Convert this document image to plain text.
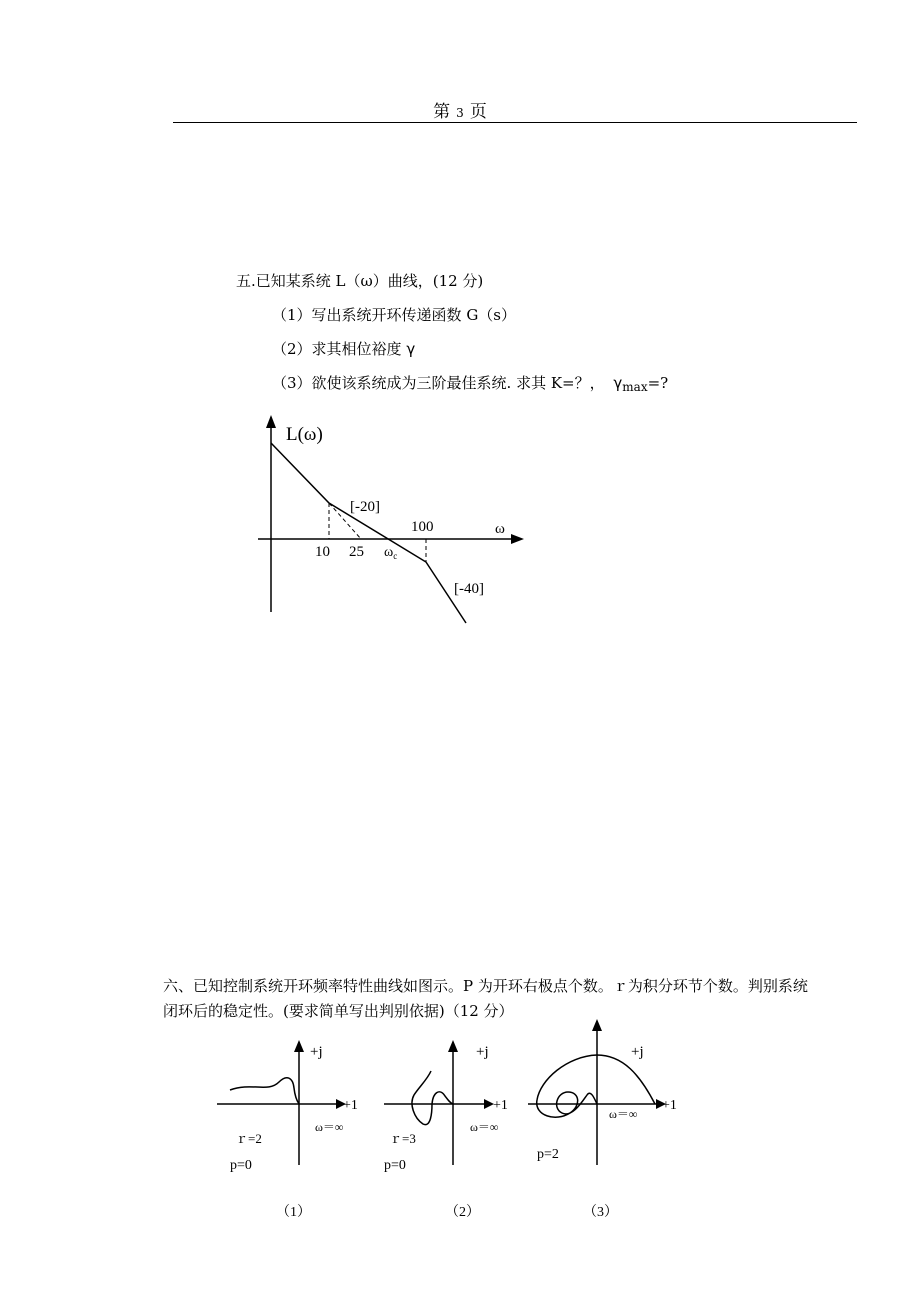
第 3 页
五.已知某系统 L（ω）曲线，(12 分)
（1）写出系统开环传递函数 G（s）
（2）求其相位裕度 γ
（3）欲使该系统成为三阶最佳系统. 求其 K=？， $\gamma_{max}=$?
L(ω)
ω
[-20]
100
10 25 $\omega_c$
[-40]
六、已知控制系统开环频率特性曲线如图示。P 为开环右极点个数。ｒ为积分环节个数。判别系统
闭环后的稳定性。(要求简单写出判别依据)（12 分）
+j
+1
ω＝∞
ｒ=2
p=0
（1）
+j
+1
ω＝∞
ｒ=3
p=0
（2）
+j
+1
ω＝∞
p=2
（3）
